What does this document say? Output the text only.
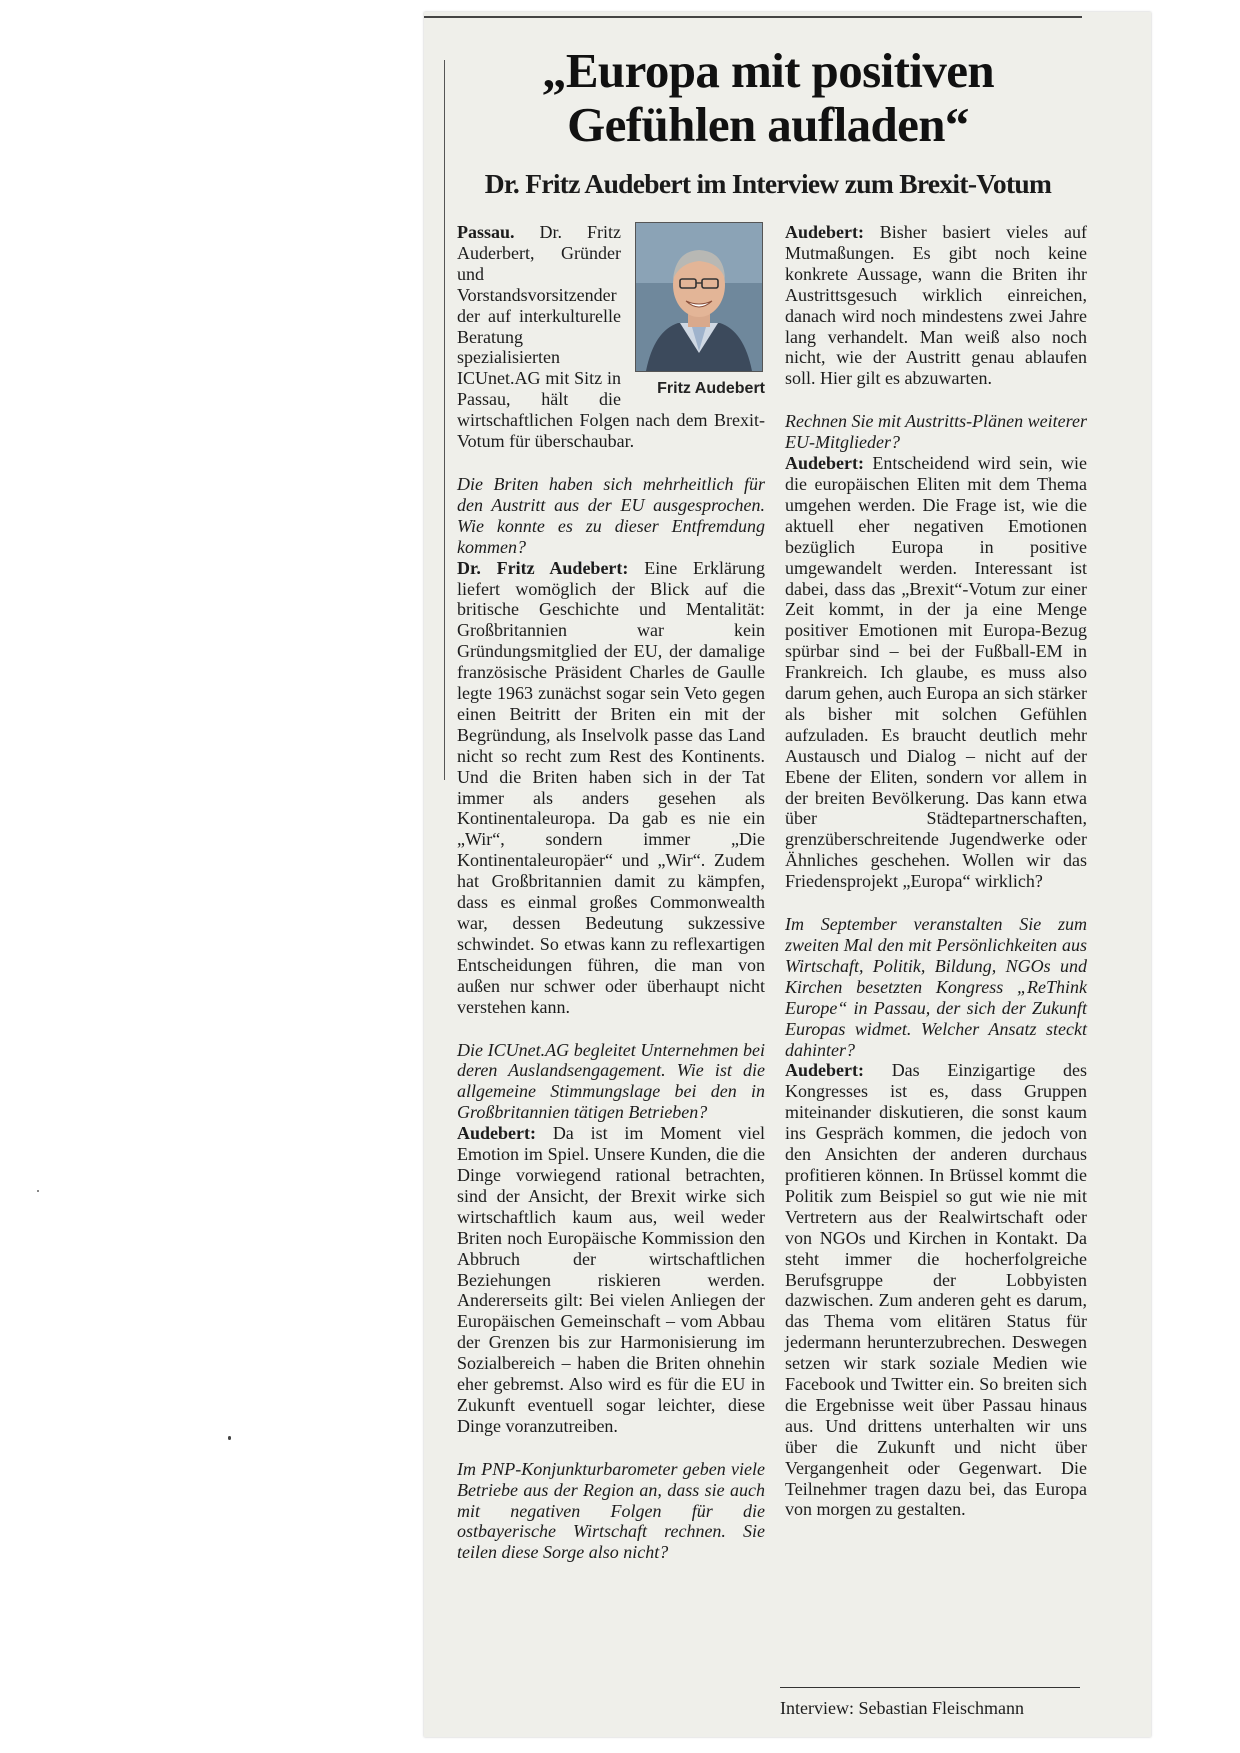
„Europa mit positiven Gefühlen aufladen“
Dr. Fritz Audebert im Interview zum Brexit-Votum
Fritz Audebert

Passau. Dr. Fritz Auderbert, Gründer und Vorstandsvorsitzender der auf interkulturelle Beratung spezialisierten ICUnet.AG mit Sitz in Passau, hält die wirtschaftlichen Folgen nach dem Brexit-Votum für überschaubar.

Die Briten haben sich mehrheitlich für den Austritt aus der EU ausgesprochen. Wie konnte es zu dieser Entfremdung kommen?

Dr. Fritz Audebert: Eine Erklärung liefert womöglich der Blick auf die britische Geschichte und Mentalität: Großbritannien war kein Gründungsmitglied der EU, der damalige französische Präsident Charles de Gaulle legte 1963 zunächst sogar sein Veto gegen einen Beitritt der Briten ein mit der Begründung, als Inselvolk passe das Land nicht so recht zum Rest des Kontinents. Und die Briten haben sich in der Tat immer als anders gesehen als Kontinentaleuropa. Da gab es nie ein „Wir“, sondern immer „Die Kontinentaleuropäer“ und „Wir“. Zudem hat Großbritannien damit zu kämpfen, dass es einmal großes Commonwealth war, dessen Bedeutung sukzessive schwindet. So etwas kann zu reflexartigen Entscheidungen führen, die man von außen nur schwer oder überhaupt nicht verstehen kann.

Die ICUnet.AG begleitet Unternehmen bei deren Auslandsengagement. Wie ist die allgemeine Stimmungslage bei den in Großbritannien tätigen Betrieben?

Audebert: Da ist im Moment viel Emotion im Spiel. Unsere Kunden, die die Dinge vorwiegend rational betrachten, sind der Ansicht, der Brexit wirke sich wirtschaftlich kaum aus, weil weder Briten noch Europäische Kommission den Abbruch der wirtschaftlichen Beziehungen riskieren werden. Andererseits gilt: Bei vielen Anliegen der Europäischen Gemeinschaft – vom Abbau der Grenzen bis zur Harmonisierung im Sozialbereich – haben die Briten ohnehin eher gebremst. Also wird es für die EU in Zukunft eventuell sogar leichter, diese Dinge voranzutreiben.

Im PNP-Konjunkturbarometer geben viele Betriebe aus der Region an, dass sie auch mit negativen Folgen für die ostbayerische Wirtschaft rechnen. Sie teilen diese Sorge also nicht?

Audebert: Bisher basiert vieles auf Mutmaßungen. Es gibt noch keine konkrete Aussage, wann die Briten ihr Austrittsgesuch wirklich einreichen, danach wird noch mindestens zwei Jahre lang verhandelt. Man weiß also noch nicht, wie der Austritt genau ablaufen soll. Hier gilt es abzuwarten.

Rechnen Sie mit Austritts-Plänen weiterer EU-Mitglieder?

Audebert: Entscheidend wird sein, wie die europäischen Eliten mit dem Thema umgehen werden. Die Frage ist, wie die aktuell eher negativen Emotionen bezüglich Europa in positive umgewandelt werden. Interessant ist dabei, dass das „Brexit“-Votum zur einer Zeit kommt, in der ja eine Menge positiver Emotionen mit Europa-Bezug spürbar sind – bei der Fußball-EM in Frankreich. Ich glaube, es muss also darum gehen, auch Europa an sich stärker als bisher mit solchen Gefühlen aufzuladen. Es braucht deutlich mehr Austausch und Dialog – nicht auf der Ebene der Eliten, sondern vor allem in der breiten Bevölkerung. Das kann etwa über Städtepartnerschaften, grenzüberschreitende Jugendwerke oder Ähnliches geschehen. Wollen wir das Friedensprojekt „Europa“ wirklich?

Im September veranstalten Sie zum zweiten Mal den mit Persönlichkeiten aus Wirtschaft, Politik, Bildung, NGOs und Kirchen besetzten Kongress „ReThink Europe“ in Passau, der sich der Zukunft Europas widmet. Welcher Ansatz steckt dahinter?

Audebert: Das Einzigartige des Kongresses ist es, dass Gruppen miteinander diskutieren, die sonst kaum ins Gespräch kommen, die jedoch von den Ansichten der anderen durchaus profitieren können. In Brüssel kommt die Politik zum Beispiel so gut wie nie mit Vertretern aus der Realwirtschaft oder von NGOs und Kirchen in Kontakt. Da steht immer die hocherfolgreiche Berufsgruppe der Lobbyisten dazwischen. Zum anderen geht es darum, das Thema vom elitären Status für jedermann herunterzubrechen. Deswegen setzen wir stark soziale Medien wie Facebook und Twitter ein. So breiten sich die Ergebnisse weit über Passau hinaus aus. Und drittens unterhalten wir uns über die Zukunft und nicht über Vergangenheit oder Gegenwart. Die Teilnehmer tragen dazu bei, das Europa von morgen zu gestalten.

Interview: Sebastian Fleischmann
